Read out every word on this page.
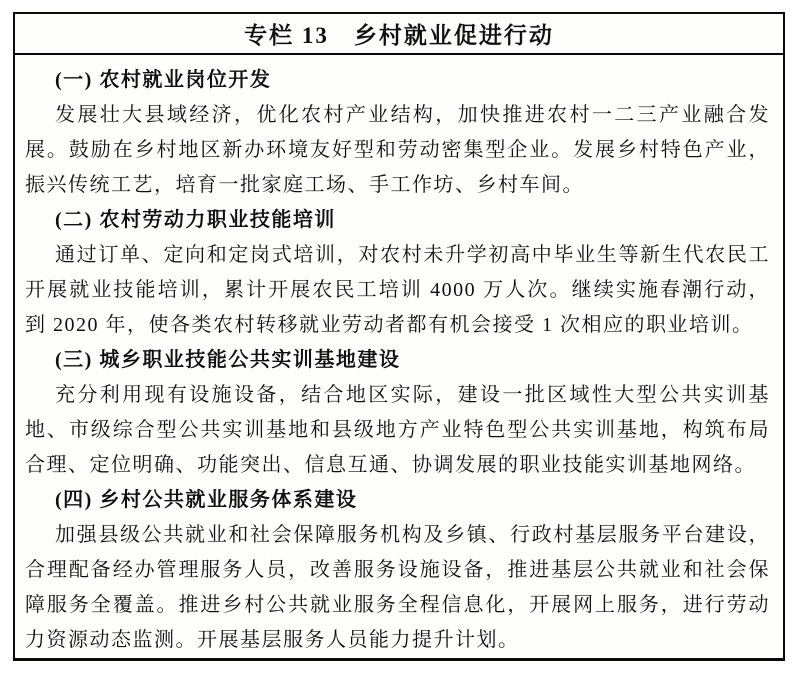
专栏 13　乡村就业促进行动
(一) 农村就业岗位开发

发展壮大县域经济，优化农村产业结构，加快推进农村一二三产业融合发展。鼓励在乡村地区新办环境友好型和劳动密集型企业。发展乡村特色产业，振兴传统工艺，培育一批家庭工场、手工作坊、乡村车间。

(二) 农村劳动力职业技能培训

通过订单、定向和定岗式培训，对农村未升学初高中毕业生等新生代农民工开展就业技能培训，累计开展农民工培训 4000 万人次。继续实施春潮行动，到 2020 年，使各类农村转移就业劳动者都有机会接受 1 次相应的职业培训。

(三) 城乡职业技能公共实训基地建设

充分利用现有设施设备，结合地区实际，建设一批区域性大型公共实训基地、市级综合型公共实训基地和县级地方产业特色型公共实训基地，构筑布局合理、定位明确、功能突出、信息互通、协调发展的职业技能实训基地网络。

(四) 乡村公共就业服务体系建设

加强县级公共就业和社会保障服务机构及乡镇、行政村基层服务平台建设，合理配备经办管理服务人员，改善服务设施设备，推进基层公共就业和社会保障服务全覆盖。推进乡村公共就业服务全程信息化，开展网上服务，进行劳动力资源动态监测。开展基层服务人员能力提升计划。
